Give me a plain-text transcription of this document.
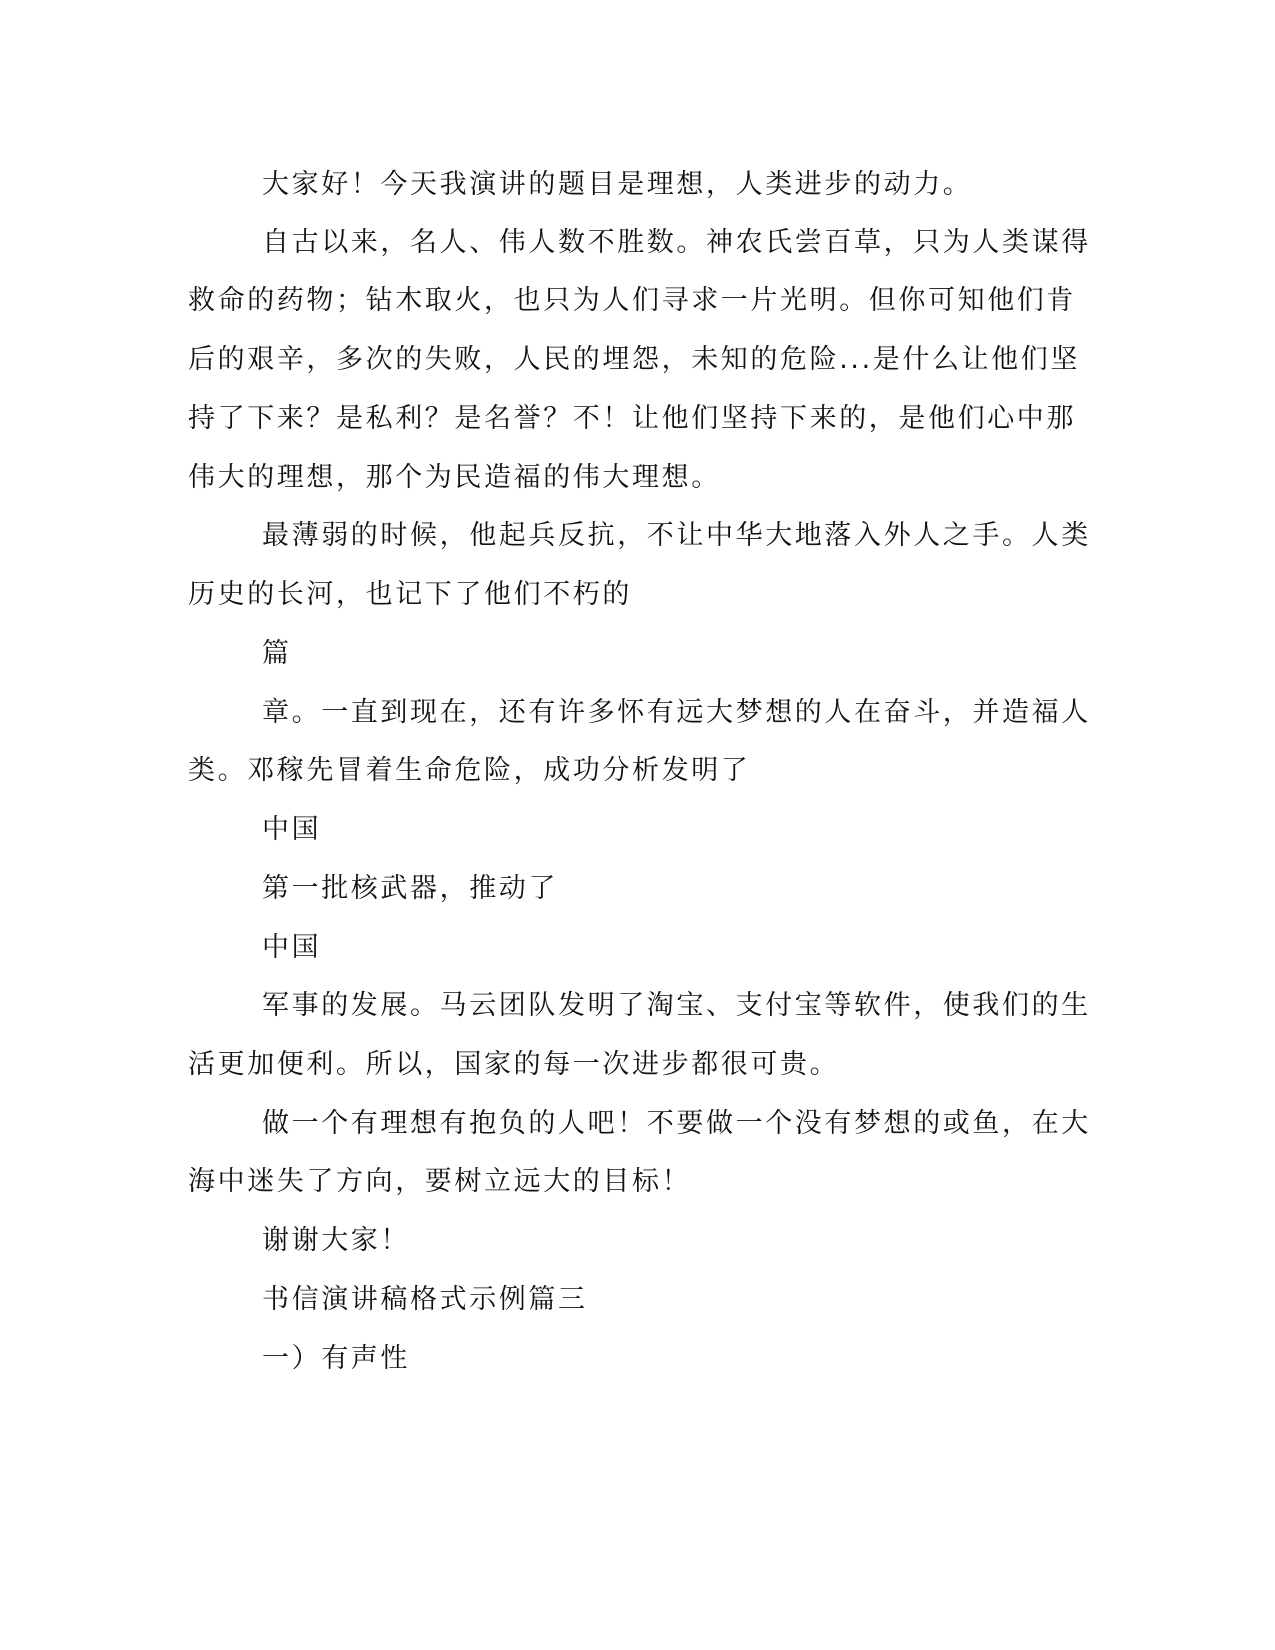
大家好！今天我演讲的题目是理想，人类进步的动力。
自古以来，名人、伟人数不胜数。神农氏尝百草，只为人类谋得
救命的药物；钻木取火，也只为人们寻求一片光明。但你可知他们肯
后的艰辛，多次的失败，人民的埋怨，未知的危险...是什么让他们坚
持了下来？是私利？是名誉？不！让他们坚持下来的，是他们心中那
伟大的理想，那个为民造福的伟大理想。
最薄弱的时候，他起兵反抗，不让中华大地落入外人之手。人类
历史的长河，也记下了他们不朽的
篇
章。一直到现在，还有许多怀有远大梦想的人在奋斗，并造福人
类。邓稼先冒着生命危险，成功分析发明了
中国
第一批核武器，推动了
中国
军事的发展。马云团队发明了淘宝、支付宝等软件，使我们的生
活更加便利。所以，国家的每一次进步都很可贵。
做一个有理想有抱负的人吧！不要做一个没有梦想的或鱼，在大
海中迷失了方向，要树立远大的目标！
谢谢大家！
书信演讲稿格式示例篇三
一）有声性
